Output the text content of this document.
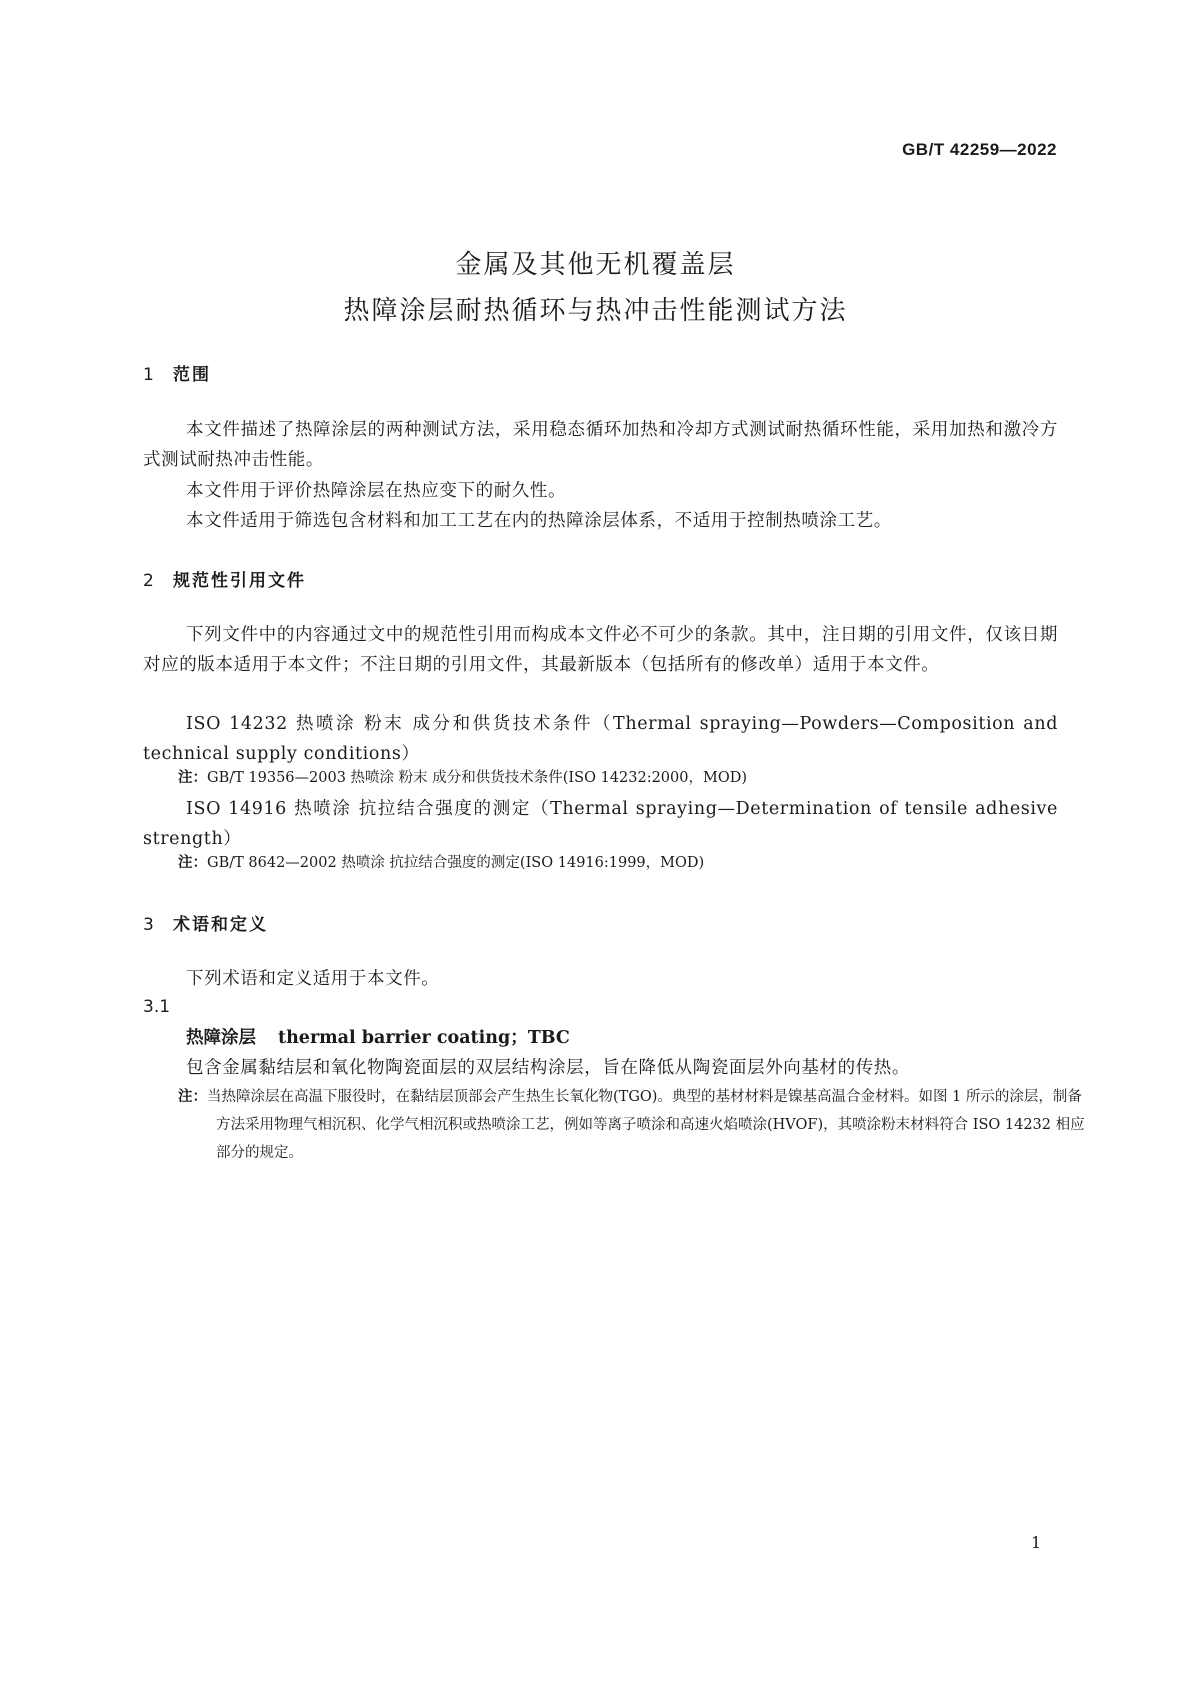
GB/T 42259—2022
金属及其他无机覆盖层
热障涂层耐热循环与热冲击性能测试方法
1 范围
本文件描述了热障涂层的两种测试方法，采用稳态循环加热和冷却方式测试耐热循环性能，采用加热和激冷方式测试耐热冲击性能。
本文件用于评价热障涂层在热应变下的耐久性。
本文件适用于筛选包含材料和加工工艺在内的热障涂层体系，不适用于控制热喷涂工艺。
2 规范性引用文件
下列文件中的内容通过文中的规范性引用而构成本文件必不可少的条款。其中，注日期的引用文件，仅该日期对应的版本适用于本文件；不注日期的引用文件，其最新版本（包括所有的修改单）适用于本文件。
ISO 14232 热喷涂 粉末 成分和供货技术条件（Thermal spraying—Powders—Composition and technical supply conditions）
注：GB/T 19356—2003 热喷涂 粉末 成分和供货技术条件(ISO 14232:2000，MOD)
ISO 14916 热喷涂 抗拉结合强度的测定（Thermal spraying—Determination of tensile adhesive strength）
注：GB/T 8642—2002 热喷涂 抗拉结合强度的测定(ISO 14916:1999，MOD)
3 术语和定义
下列术语和定义适用于本文件。
3.1
热障涂层 thermal barrier coating；TBC
包含金属黏结层和氧化物陶瓷面层的双层结构涂层，旨在降低从陶瓷面层外向基材的传热。
注：当热障涂层在高温下服役时，在黏结层顶部会产生热生长氧化物(TGO)。典型的基材材料是镍基高温合金材料。如图 1 所示的涂层，制备方法采用物理气相沉积、化学气相沉积或热喷涂工艺，例如等离子喷涂和高速火焰喷涂(HVOF)，其喷涂粉末材料符合 ISO 14232 相应部分的规定。
1
